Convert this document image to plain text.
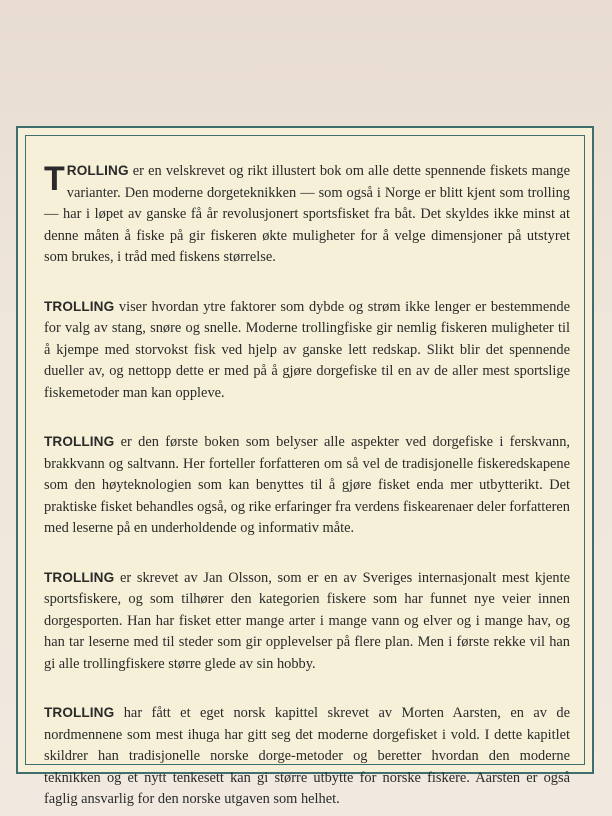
TROLLING er en velskrevet og rikt illustert bok om alle dette spennende fiskets mange varianter. Den moderne dorgeteknikken — som også i Norge er blitt kjent som trolling — har i løpet av ganske få år revolusjonert sportsfisket fra båt. Det skyldes ikke minst at denne måten å fiske på gir fiskeren økte muligheter for å velge dimensjoner på utstyret som brukes, i tråd med fiskens størrelse.

TROLLING viser hvordan ytre faktorer som dybde og strøm ikke lenger er bestemmende for valg av stang, snøre og snelle. Moderne trollingfiske gir nemlig fiskeren muligheter til å kjempe med storvokst fisk ved hjelp av ganske lett redskap. Slikt blir det spennende dueller av, og nettopp dette er med på å gjøre dorgefiske til en av de aller mest sportslige fiskemetoder man kan oppleve.

TROLLING er den første boken som belyser alle aspekter ved dorgefiske i ferskvann, brakkvann og saltvann. Her forteller forfatteren om så vel de tradisjonelle fiskeredskapene som den høyteknologien som kan benyttes til å gjøre fisket enda mer utbytterikt. Det praktiske fisket behandles også, og rike erfaringer fra verdens fiskearenaer deler forfatteren med leserne på en underholdende og informativ måte.

TROLLING er skrevet av Jan Olsson, som er en av Sveriges internasjonalt mest kjente sportsfiskere, og som tilhører den kategorien fiskere som har funnet nye veier innen dorgesporten. Han har fisket etter mange arter i mange vann og elver og i mange hav, og han tar leserne med til steder som gir opplevelser på flere plan. Men i første rekke vil han gi alle trollingfiskere større glede av sin hobby.

TROLLING har fått et eget norsk kapittel skrevet av Morten Aarsten, en av de nordmennene som mest ihuga har gitt seg det moderne dorgefisket i vold. I dette kapitlet skildrer han tradisjonelle norske dorge-metoder og beretter hvordan den moderne teknikken og et nytt tenkesett kan gi større utbytte for norske fiskere. Aarsten er også faglig ansvarlig for den norske utgaven som helhet.
